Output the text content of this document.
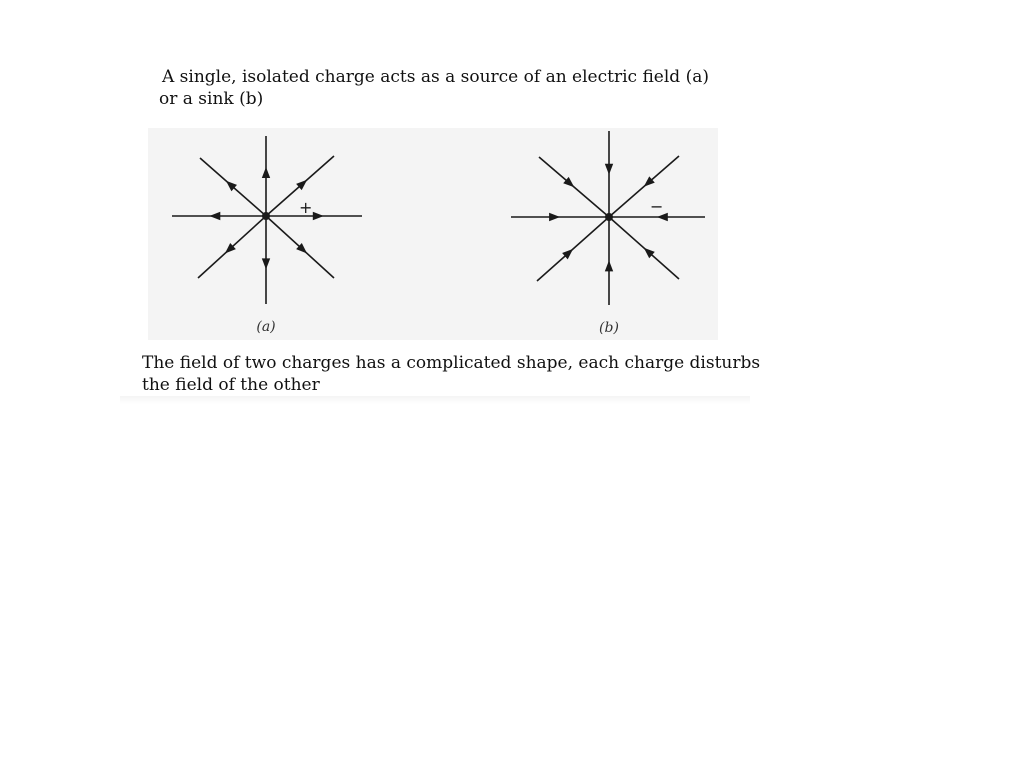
A single, isolated charge acts as a source of an electric field (a)
or a sink (b)

+
(a)
−
(b)

The field of two charges has a complicated shape, each charge disturbs
the field of the other
